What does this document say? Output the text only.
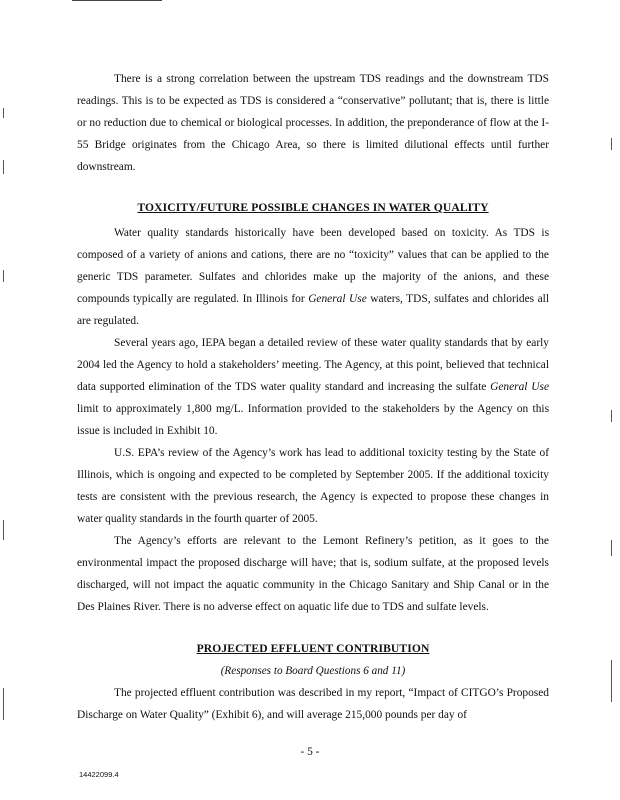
There is a strong correlation between the upstream TDS readings and the downstream TDS readings. This is to be expected as TDS is considered a “conservative” pollutant; that is, there is little or no reduction due to chemical or biological processes. In addition, the preponderance of flow at the I-55 Bridge originates from the Chicago Area, so there is limited dilutional effects until further downstream.

TOXICITY/FUTURE POSSIBLE CHANGES IN WATER QUALITY

Water quality standards historically have been developed based on toxicity. As TDS is composed of a variety of anions and cations, there are no “toxicity” values that can be applied to the generic TDS parameter. Sulfates and chlorides make up the majority of the anions, and these compounds typically are regulated. In Illinois for General Use waters, TDS, sulfates and chlorides all are regulated.

Several years ago, IEPA began a detailed review of these water quality standards that by early 2004 led the Agency to hold a stakeholders’ meeting. The Agency, at this point, believed that technical data supported elimination of the TDS water quality standard and increasing the sulfate General Use limit to approximately 1,800 mg/L. Information provided to the stakeholders by the Agency on this issue is included in Exhibit 10.

U.S. EPA’s review of the Agency’s work has lead to additional toxicity testing by the State of Illinois, which is ongoing and expected to be completed by September 2005. If the additional toxicity tests are consistent with the previous research, the Agency is expected to propose these changes in water quality standards in the fourth quarter of 2005.

The Agency’s efforts are relevant to the Lemont Refinery’s petition, as it goes to the environmental impact the proposed discharge will have; that is, sodium sulfate, at the proposed levels discharged, will not impact the aquatic community in the Chicago Sanitary and Ship Canal or in the Des Plaines River. There is no adverse effect on aquatic life due to TDS and sulfate levels.

PROJECTED EFFLUENT CONTRIBUTION

(Responses to Board Questions 6 and 11)

The projected effluent contribution was described in my report, “Impact of CITGO’s Proposed Discharge on Water Quality” (Exhibit 6), and will average 215,000 pounds per day of

- 5 -
14422099.4
